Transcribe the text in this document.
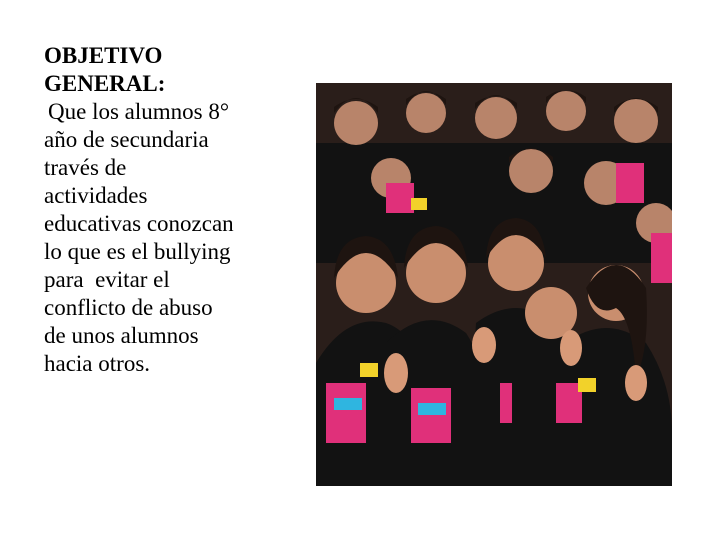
OBJETIVO
GENERAL:

Que los alumnos 8°
año de secundaria
través de
actividades
educativas conozcan
lo que es el bullying
para  evitar el
conflicto de abuso
de unos alumnos
hacia otros.
